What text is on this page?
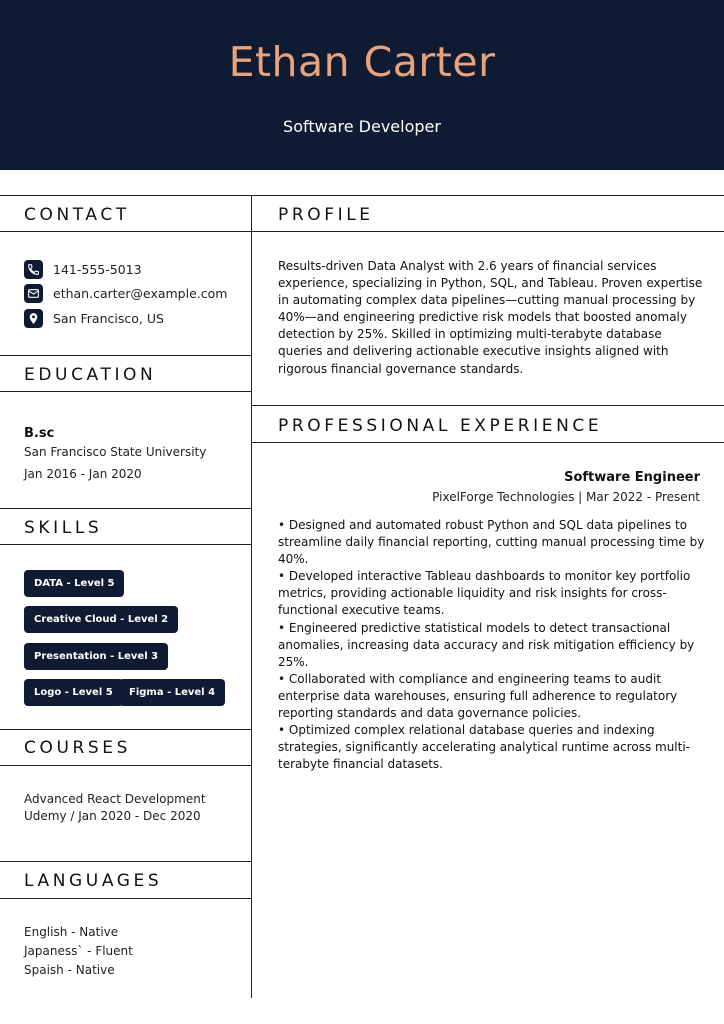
Ethan Carter
Software Developer
CONTACT
141-555-5013
ethan.carter@example.com
San Francisco, US
EDUCATION
B.sc
San Francisco State University
Jan 2016 - Jan 2020
SKILLS
DATA - Level 5
Creative Cloud - Level 2
Presentation - Level 3
Logo - Level 5	Figma - Level 4
COURSES
Advanced React Development
Udemy / Jan 2020 - Dec 2020
LANGUAGES
English - Native
Japaness` - Fluent
Spaish - Native
PROFILE
Results-driven Data Analyst with 2.6 years of financial services experience, specializing in Python, SQL, and Tableau. Proven expertise in automating complex data pipelines—cutting manual processing by 40%—and engineering predictive risk models that boosted anomaly detection by 25%. Skilled in optimizing multi-terabyte database queries and delivering actionable executive insights aligned with rigorous financial governance standards.
PROFESSIONAL EXPERIENCE
Software Engineer
PixelForge Technologies | Mar 2022 - Present
• Designed and automated robust Python and SQL data pipelines to streamline daily financial reporting, cutting manual processing time by 40%.
• Developed interactive Tableau dashboards to monitor key portfolio metrics, providing actionable liquidity and risk insights for cross-functional executive teams.
• Engineered predictive statistical models to detect transactional anomalies, increasing data accuracy and risk mitigation efficiency by 25%.
• Collaborated with compliance and engineering teams to audit enterprise data warehouses, ensuring full adherence to regulatory reporting standards and data governance policies.
• Optimized complex relational database queries and indexing strategies, significantly accelerating analytical runtime across multi-terabyte financial datasets.
